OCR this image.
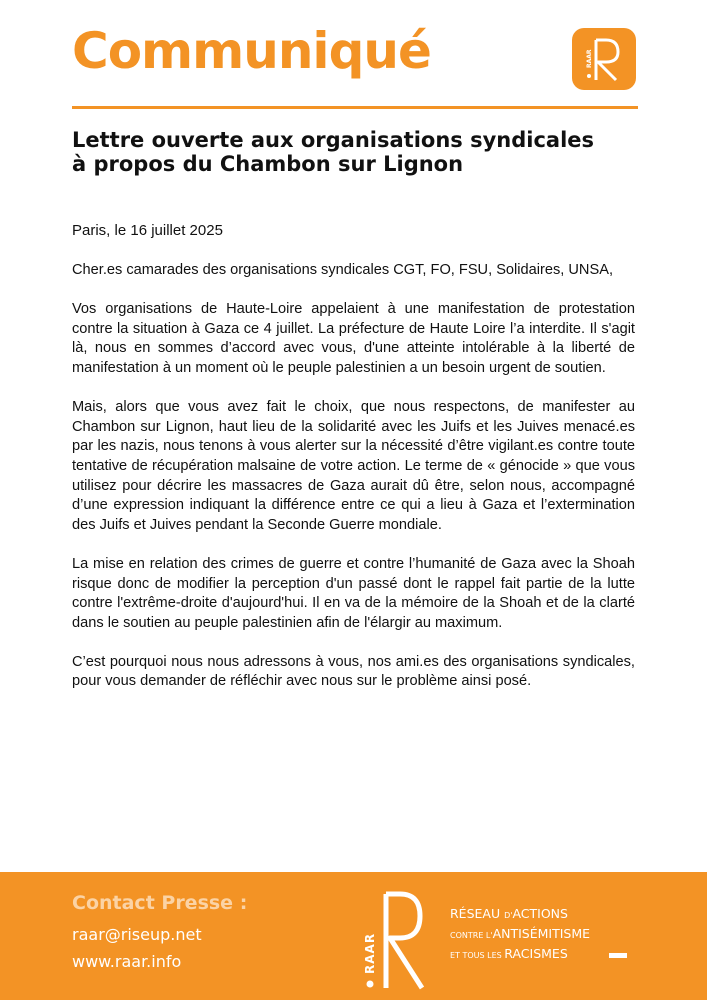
Communiqué	RAAR
Lettre ouverte aux organisations syndicales à propos du Chambon sur Lignon

Paris, le 16 juillet 2025

Cher.es camarades des organisations syndicales CGT, FO, FSU, Solidaires, UNSA,

Vos organisations de Haute-Loire appelaient à une manifestation de protestation contre la situation à Gaza ce 4 juillet. La préfecture de Haute Loire l’a interdite. Il s'agit là, nous en sommes d’accord avec vous, d'une atteinte intolérable à la liberté de manifestation à un moment où le peuple palestinien a un besoin urgent de soutien.

Mais, alors que vous avez fait le choix, que nous respectons, de manifester au Chambon sur Lignon, haut lieu de la solidarité avec les Juifs et les Juives menacé.es par les nazis, nous tenons à vous alerter sur la nécessité d’être vigilant.es contre toute tentative de récupération malsaine de votre action. Le terme de « génocide » que vous utilisez pour décrire les massacres de Gaza aurait dû être, selon nous, accompagné d’une expression indiquant la différence entre ce qui a lieu à Gaza et l’extermination des Juifs et Juives pendant la Seconde Guerre mondiale.

La mise en relation des crimes de guerre et contre l’humanité de Gaza avec la Shoah risque donc de modifier la perception d'un passé dont le rappel fait partie de la lutte contre l'extrême-droite d'aujourd'hui. Il en va de la mémoire de la Shoah et de la clarté dans le soutien au peuple palestinien afin de l'élargir au maximum.

C’est pourquoi nous nous adressons à vous, nos ami.es des organisations syndicales, pour vous demander de réfléchir avec nous sur le problème ainsi posé.

Contact Presse :

raar@riseup.net

www.raar.info	RAAR

RÉSEAU D'ACTIONS

CONTRE L'ANTISÉMITISME

ET TOUS LES RACISMES
